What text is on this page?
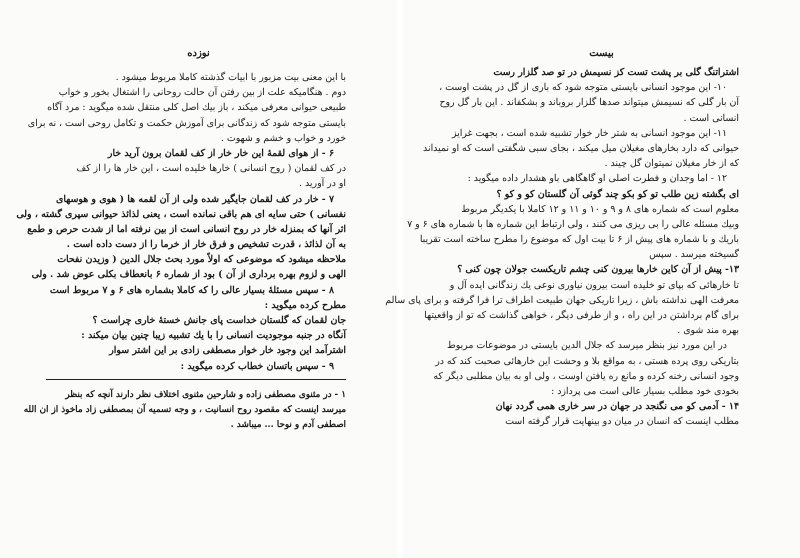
نوزده
با این معنی بیت مزبور با ابیات گذشته کاملا مربوط میشود .
دوم . هنگامیکه علت از بین رفتن آن حالت روحانی را اشتغال بخور و خواب
طبیعی حیوانی معرفی میکند ، باز بیك اصل کلی منتقل شده میگوید : مرد آگاه
بایستی متوجه شود که زندگانی برای آموزش حکمت و تکامل روحی است ، نه برای
خورد و خواب و خشم و شهوت .
۶ - از هوای لقمهٔ این خار خار از کف لقمان برون آرید خار
در کف لقمان ( روح انسانی ) خارها خلیده است ، این خار ها را از کف
او در آورید .
۷ - خار در کف لقمان جایگیر شده ولی از آن لقمه ها ( هوی و هوسهای
نفسانی ) حتی سایه ای هم باقی نمانده است ، یعنی لذائذ حیوانی سپری گشته ، ولی
اثر آنها که بمنزله خار در روح انسانی است از بین نرفته اما از شدت حرص و طمع
به آن لذائذ ، قدرت تشخیص و فرق خار از خرما را از دست داده است .
ملاحظه میشود که موضوعی که اولاً مورد بحث جلال الدین ( وزیدن نفحات
الهی و لزوم بهره برداری از آن ) بود از شماره ۶ بانعطاف بکلی عوض شد . ولی
۸ - سپس مسئلهٔ بسیار عالی را که کاملا بشماره های ۶ و ۷ مربوط است
مطرح کرده میگوید :
جان لقمان که گلستان خداست پای جانش خستهٔ خاری چراست ؟
آنگاه در جنبه موجودیت انسانی را با یك تشبیه زیبا چنین بیان میکند :
اشترآمد این وجود خار خوار مصطفی زادی بر این اشتر سوار
۹ - سپس باتسان خطاب کرده میگوید :
۱ - در مثنوی مصطفی زاده و شارحین مثنوی اختلاف نظر دارند آنچه که بنظر
میرسد اینست که مقصود روح انسانیت ، و وجه تسمیه آن بمصطفی زاد ماخوذ از ان الله
اصطفی آدم و نوحا ... میباشد .
بیست
اشتراتنگ گلی بر پشت تست کز نسیمش در تو صد گلزار رست
۱۰- این موجود انسانی بایستی متوجه شود که باری از گل در پشت اوست ،
آن بار گلی که نسیمش میتواند صدها گلزار بروباند و بشکفاند . این بار گل روح
انسانی است .
۱۱- این موجود انسانی به شتر خار خوار تشبیه شده است ، بجهت غرایز
حیوانی که دارد بخارهای مغیلان میل میکند ، بجای سبی شگفتی است که او نمیداند
که از خار مغیلان نمیتوان گل چیند .
۱۲ - اما وجدان و فطرت اصلی او گاهگاهی باو هشدار داده میگوید :
ای بگشته زین طلب تو کو بکو چند گوئی آن گلستان کو و کو ؟
معلوم است که شماره های ۸ و ۹ و ۱۰ و ۱۱ و ۱۲ کاملا با یکدیگر مربوط
وبیك مسئله عالی را بی ریزی می کنند ، ولی ارتباط این شماره ها با شماره های ۶ و ۷
باریك و با شماره های پیش از ۶ تا بیت اول که موضوع را مطرح ساخته است تقریبا
گسیخته میرسد . سپس
۱۳- پیش از آن کاین خارها بیرون کنی چشم تاریکست جولان چون کنی ؟
تا خارهائی که بپای تو خلیده است بیرون نیاوری نوعی یك زندگانی ایده آل و
معرفت الهی نداشته باش ، زیرا تاریکی جهان طبیعت اطراف ترا فرا گرفته و برای پای سالم
برای گام برداشتن در این راه ، و از طرفی دیگر ، خواهی گذاشت که تو از واقعیتها
بهره مند شوی .
در این مورد نیز بنظر میرسد که جلال الدین بایستی در موضوعات مربوط
بتاریکی روی پرده هستی ، به مواقع بلا و وحشت این خارهائی صحبت کند که در
وجود انسانی رخنه کرده و مانع ره یافتن اوست ، ولی او به بیان مطلبی دیگر که
بخودی خود مطلب بسیار عالی است می پردازد :
۱۴ - آدمی کو می نگنجد در جهان در سر خاری همی گردد نهان
مطلب اینست که انسان در میان دو بینهایت قرار گرفته است
